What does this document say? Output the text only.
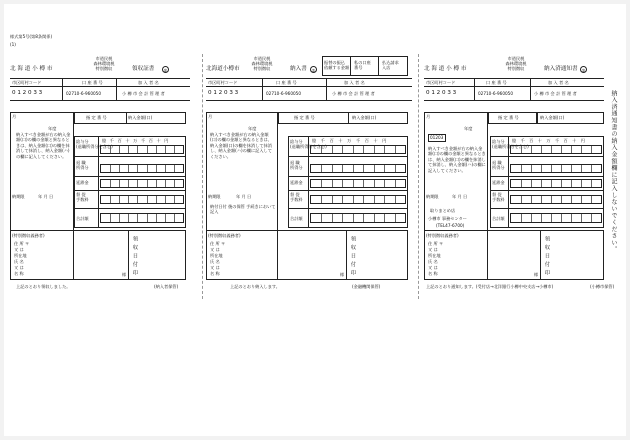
様式第5号(第8条関係)
(1)
北 海 道 小 樽 市
市道民税
森林環境税
特別徴収	領収証書	⑤
市区町村コード	口 座 番 号	加 入 者 名
0 1 2 0 3 3	02710-6-960050	小 樽 市 会 計 管 理 者
月
年度
納入すべき金額が右の納入金額(口)の欄の金額と異なるときは、納入金額(口)の欄を抹消して抹消し、納入金額(ハ)の欄に記入してください。
納期限	年 月 日
指 定 番 号	納入金額(口)
給与分
(退職所得分を含む)
退 職
所得分
延滞金
督 促
手数料
合計額
億千百十万千百十円
(特別徴収義務者)
住 所 〒
又 は
所在地
氏 名
又 は
名 称	様 領 収 日 付 印
上記のとおり領収しました。	(納入者保管)
北海道小樽市
市道民税
森林環境税
特別徴収	納入書	②
振替の振込
依頼する金額
私の口座
番号
払込請求
入店
市区町村コード	口 座 番 号	加 入 者 名
0 1 2 0 3 3	02710-6-960050	小 樽 市 会 計 管 理 者
月
年度
納入すべき金額が右の納入金額(口)の欄の金額と異なるときは、納入金額(口)の欄を抹消して抹消し、納入金額(ハ)の欄に記入してください。
納期限	年 月 日
納付日付 後の保管 手続きにおいて記入
指 定 番 号	納入金額(口)
給与分
(退職所得分を含む)
退 職
所得分
延滞金
督 促
手数料
合計額
億千百十万千百十円
(特別徴収義務者)
住 所 〒
又 は
所在地
氏 名
又 は
名 称	様 領 収 日 付 印
上記のとおり納入します。	(金融機関保管)
北 海 道 小 樽 市
市道民税
森林環境税
特別徴収	納入済通知書 ③
市区町村コード	口 座 番 号	加 入 者 名
0 1 2 0 3 3	02710-6-960050	小 樽 市 会 計 管 理 者
月
01203
年度
納入すべき金額が右の納入金額(口)の欄の金額と異なるときは、納入金額(口)の欄を抹消して抹消し、納入金額(ハ)の欄に記入してください。
納期限	年 月 日
取りまとめ店
小樽市 事務センター
(TEL47-6700)
指 定 番 号	納入金額(口)
給与分
(退職所得分を含む)
退 職
所得分
延滞金
督 促
手数料
合計額
億千百十万千百十円
(特別徴収義務者)
住 所 〒
又 は
所在地
氏 名
又 は
名 称	様 領 収 日 付 印
上記のとおり通知します。(受付店→北洋銀行小樽中央支店→小樽市)	(小樽市保管)
納入済通知書の納入金額欄に記入しないでください。
